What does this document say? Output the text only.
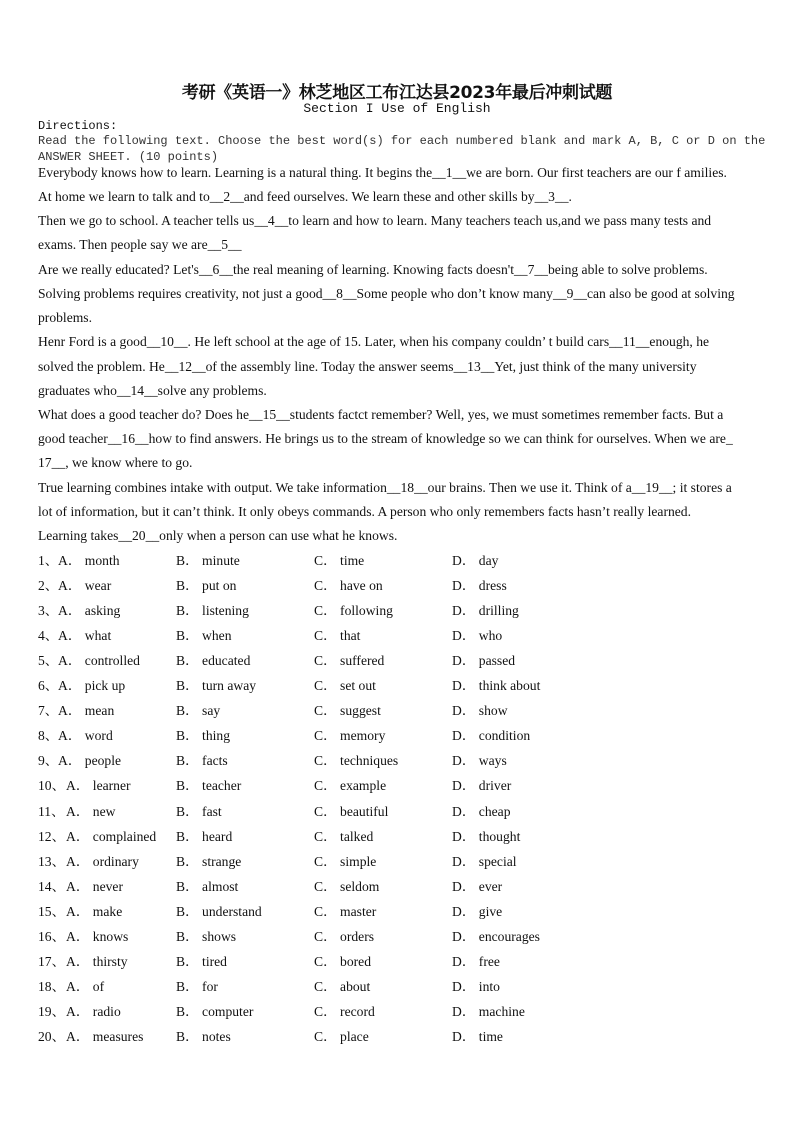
考研《英语一》林芝地区工布江达县2023年最后冲刺试题
Section I Use of English
Directions:
Read the following text. Choose the best word(s) for each numbered blank and mark A, B, C or D on the
ANSWER SHEET. (10 points)
Everybody knows how to learn. Learning is a natural thing. It begins the__1__we are born. Our first teachers are our f amilies.
At home we learn to talk and to__2__and feed ourselves. We learn these and other skills by__3__.
Then we go to school. A teacher tells us__4__to learn and how to learn. Many teachers teach us,and we pass many tests and
exams. Then people say we are__5__
Are we really educated? Let's__6__the real meaning of learning. Knowing facts doesn't__7__being able to solve problems.
Solving problems requires creativity, not just a good__8__Some people who don’t know many__9__can also be good at solving
problems.
Henr Ford is a good__10__. He left school at the age of 15. Later, when his company couldn’ t build cars__11__enough, he
solved the problem. He__12__of the assembly line. Today the answer seems__13__Yet, just think of the many university
graduates who__14__solve any problems.
What does a good teacher do? Does he__15__students factct remember? Well, yes, we must sometimes remember facts. But a
good teacher__16__how to find answers. He brings us to the stream of knowledge so we can think for ourselves. When we are_
17__, we know where to go.
True learning combines intake with output. We take information__18__our brains. Then we use it. Think of a__19__; it stores a
lot of information, but it can’t think. It only obeys commands. A person who only remembers facts hasn’t really learned.
Learning takes__20__only when a person can use what he knows.
1、 A． month	B． minute	C． time	D． day
2、 A． wear	B． put on	C． have on	D． dress
3、 A． asking	B． listening	C． following	D． drilling
4、 A． what	B． when	C． that	D． who
5、 A． controlled	B． educated	C． suffered	D． passed
6、 A． pick up	B． turn away	C． set out	D． think about
7、 A． mean	B． say	C． suggest	D． show
8、 A． word	B． thing	C． memory	D． condition
9、 A． people	B． facts	C． techniques	D． ways
10、 A． learner	B． teacher	C． example	D． driver
11、 A． new	B． fast	C． beautiful	D． cheap
12、 A． complained B． heard	C． talked	D． thought
13、 A． ordinary	B． strange	C． simple	D． special
14、 A． never	B． almost	C． seldom	D． ever
15、 A． make	B． understand	C． master	D． give
16、 A． knows	B． shows	C． orders	D． encourages
17、 A． thirsty	B． tired	C． bored	D． free
18、 A． of	B． for	C． about	D． into
19、 A． radio	B． computer	C． record	D． machine
20、 A． measures B． notes	C． place	D． time
